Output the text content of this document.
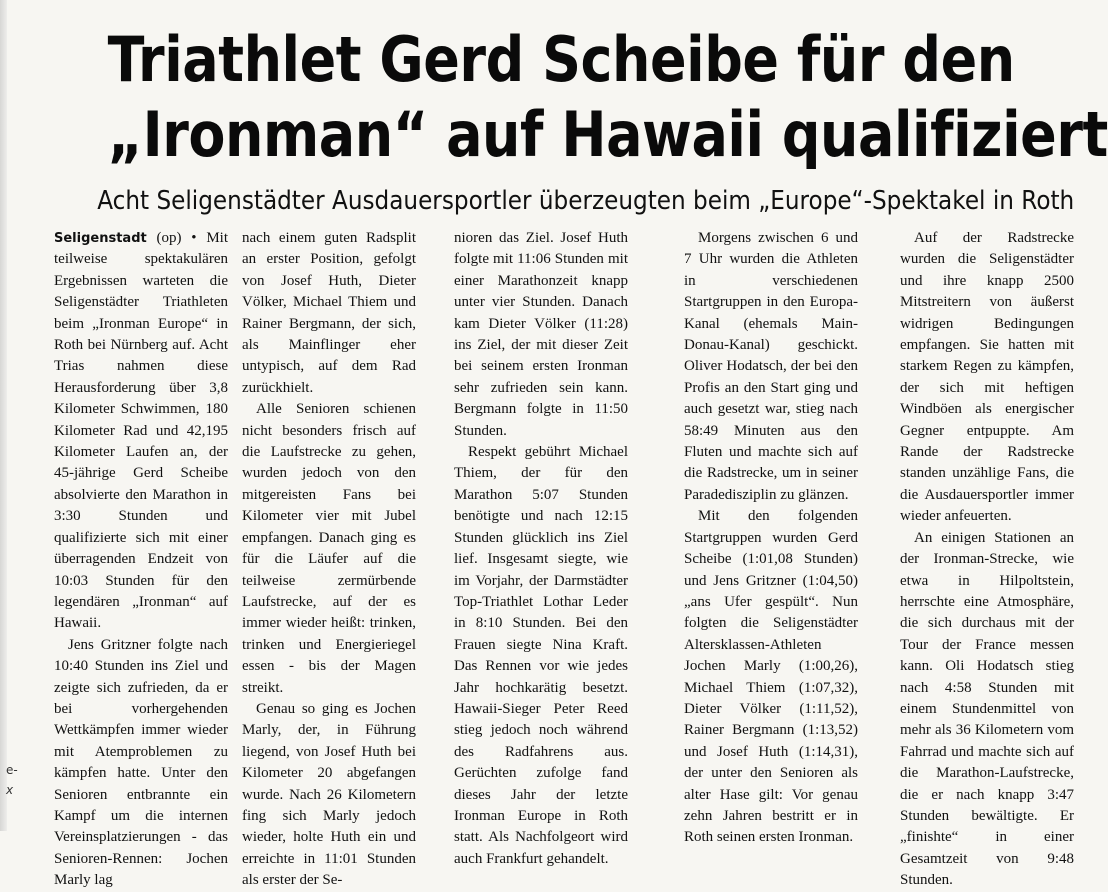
Triathlet Gerd Scheibe für den
„Ironman“ auf Hawaii qualifiziert
Acht Seligenstädter Ausdauersportler überzeugten beim „Europe“-Spektakel in Roth

Seligenstadt (op) • Mit teilweise spektakulären Ergebnissen warteten die Seligenstädter Triathleten beim „Ironman Europe“ in Roth bei Nürnberg auf. Acht Trias nahmen diese Herausforderung über 3,8 Kilometer Schwimmen, 180 Kilometer Rad und 42,195 Kilometer Laufen an, der 45-jährige Gerd Scheibe absolvierte den Marathon in 3:30 Stunden und qualifizierte sich mit einer überragenden Endzeit von 10:03 Stunden für den legendären „Ironman“ auf Hawaii.

Jens Gritzner folgte nach 10:40 Stunden ins Ziel und zeigte sich zufrieden, da er bei vorhergehenden Wettkämpfen immer wieder mit Atemproblemen zu kämpfen hatte. Unter den Senioren entbrannte ein Kampf um die internen Vereinsplatzierungen - das Senioren-Rennen: Jochen Marly lag

nach einem guten Radsplit an erster Position, gefolgt von Josef Huth, Dieter Völker, Michael Thiem und Rainer Bergmann, der sich, als Mainflinger eher untypisch, auf dem Rad zurückhielt.

Alle Senioren schienen nicht besonders frisch auf die Laufstrecke zu gehen, wurden jedoch von den mitgereisten Fans bei Kilometer vier mit Jubel empfangen. Danach ging es für die Läufer auf die teilweise zermürbende Laufstrecke, auf der es immer wieder heißt: trinken, trinken und Energieriegel essen - bis der Magen streikt.

Genau so ging es Jochen Marly, der, in Führung liegend, von Josef Huth bei Kilometer 20 abgefangen wurde. Nach 26 Kilometern fing sich Marly jedoch wieder, holte Huth ein und erreichte in 11:01 Stunden als erster der Se-

nioren das Ziel. Josef Huth folgte mit 11:06 Stunden mit einer Marathonzeit knapp unter vier Stunden. Danach kam Dieter Völker (11:28) ins Ziel, der mit dieser Zeit bei seinem ersten Ironman sehr zufrieden sein kann. Bergmann folgte in 11:50 Stunden.

Respekt gebührt Michael Thiem, der für den Marathon 5:07 Stunden benötigte und nach 12:15 Stunden glücklich ins Ziel lief. Insgesamt siegte, wie im Vorjahr, der Darmstädter Top-Triathlet Lothar Leder in 8:10 Stunden. Bei den Frauen siegte Nina Kraft. Das Rennen vor wie jedes Jahr hochkarätig besetzt. Hawaii-Sieger Peter Reed stieg jedoch noch während des Radfahrens aus. Gerüchten zufolge fand dieses Jahr der letzte Ironman Europe in Roth statt. Als Nachfolgeort wird auch Frankfurt gehandelt.

Morgens zwischen 6 und 7 Uhr wurden die Athleten in verschiedenen Startgruppen in den Europa-Kanal (ehemals Main-Donau-Kanal) geschickt. Oliver Hodatsch, der bei den Profis an den Start ging und auch gesetzt war, stieg nach 58:49 Minuten aus den Fluten und machte sich auf die Radstrecke, um in seiner Paradedisziplin zu glänzen.

Mit den folgenden Startgruppen wurden Gerd Scheibe (1:01,08 Stunden) und Jens Gritzner (1:04,50) „ans Ufer gespült“. Nun folgten die Seligenstädter Altersklassen-Athleten Jochen Marly (1:00,26), Michael Thiem (1:07,32), Dieter Völker (1:11,52), Rainer Bergmann (1:13,52) und Josef Huth (1:14,31), der unter den Senioren als alter Hase gilt: Vor genau zehn Jahren bestritt er in Roth seinen ersten Ironman.

Auf der Radstrecke wurden die Seligenstädter und ihre knapp 2500 Mitstreitern von äußerst widrigen Bedingungen empfangen. Sie hatten mit starkem Regen zu kämpfen, der sich mit heftigen Windböen als energischer Gegner entpuppte. Am Rande der Radstrecke standen unzählige Fans, die die Ausdauersportler immer wieder anfeuerten.

An einigen Stationen an der Ironman-Strecke, wie etwa in Hilpoltstein, herrschte eine Atmosphäre, die sich durchaus mit der Tour der France messen kann. Oli Hodatsch stieg nach 4:58 Stunden mit einem Stundenmittel von mehr als 36 Kilometern vom Fahrrad und machte sich auf die Marathon-Laufstrecke, die er nach knapp 3:47 Stunden bewältigte. Er „finishte“ in einer Gesamtzeit von 9:48 Stunden.

e-
x
